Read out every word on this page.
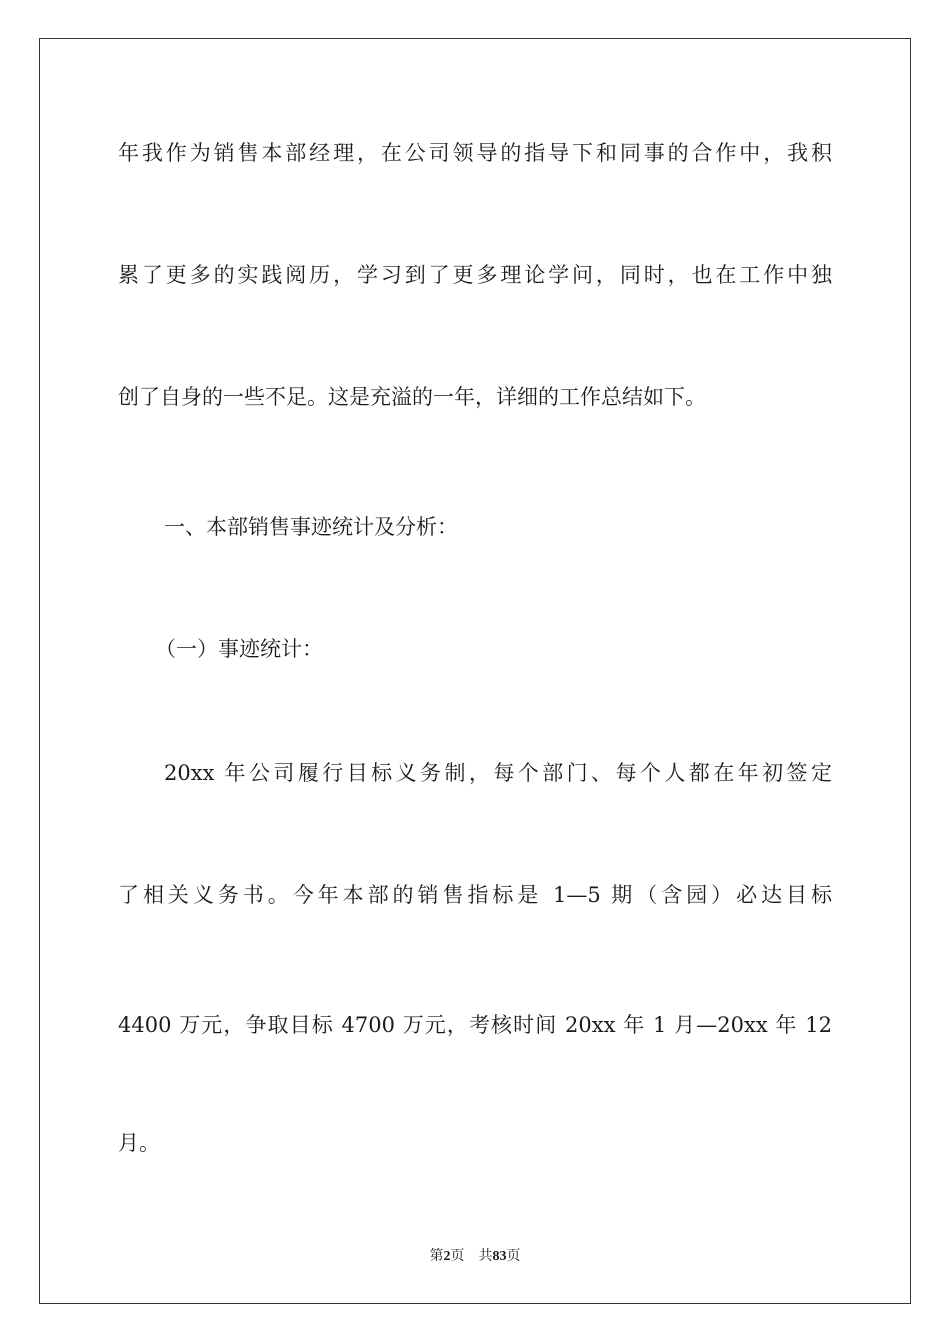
年我作为销售本部经理，在公司领导的指导下和同事的合作中，我积
累了更多的实践阅历，学习到了更多理论学问，同时，也在工作中独
创了自身的一些不足。这是充溢的一年，详细的工作总结如下。
一、本部销售事迹统计及分析：
（一）事迹统计：
20xx 年公司履行目标义务制，每个部门、每个人都在年初签定
了相关义务书。今年本部的销售指标是 1—5 期（含园）必达目标
4400 万元，争取目标 4700 万元，考核时间 20xx 年 1 月—20xx 年 12
月。
第2页　共83页
